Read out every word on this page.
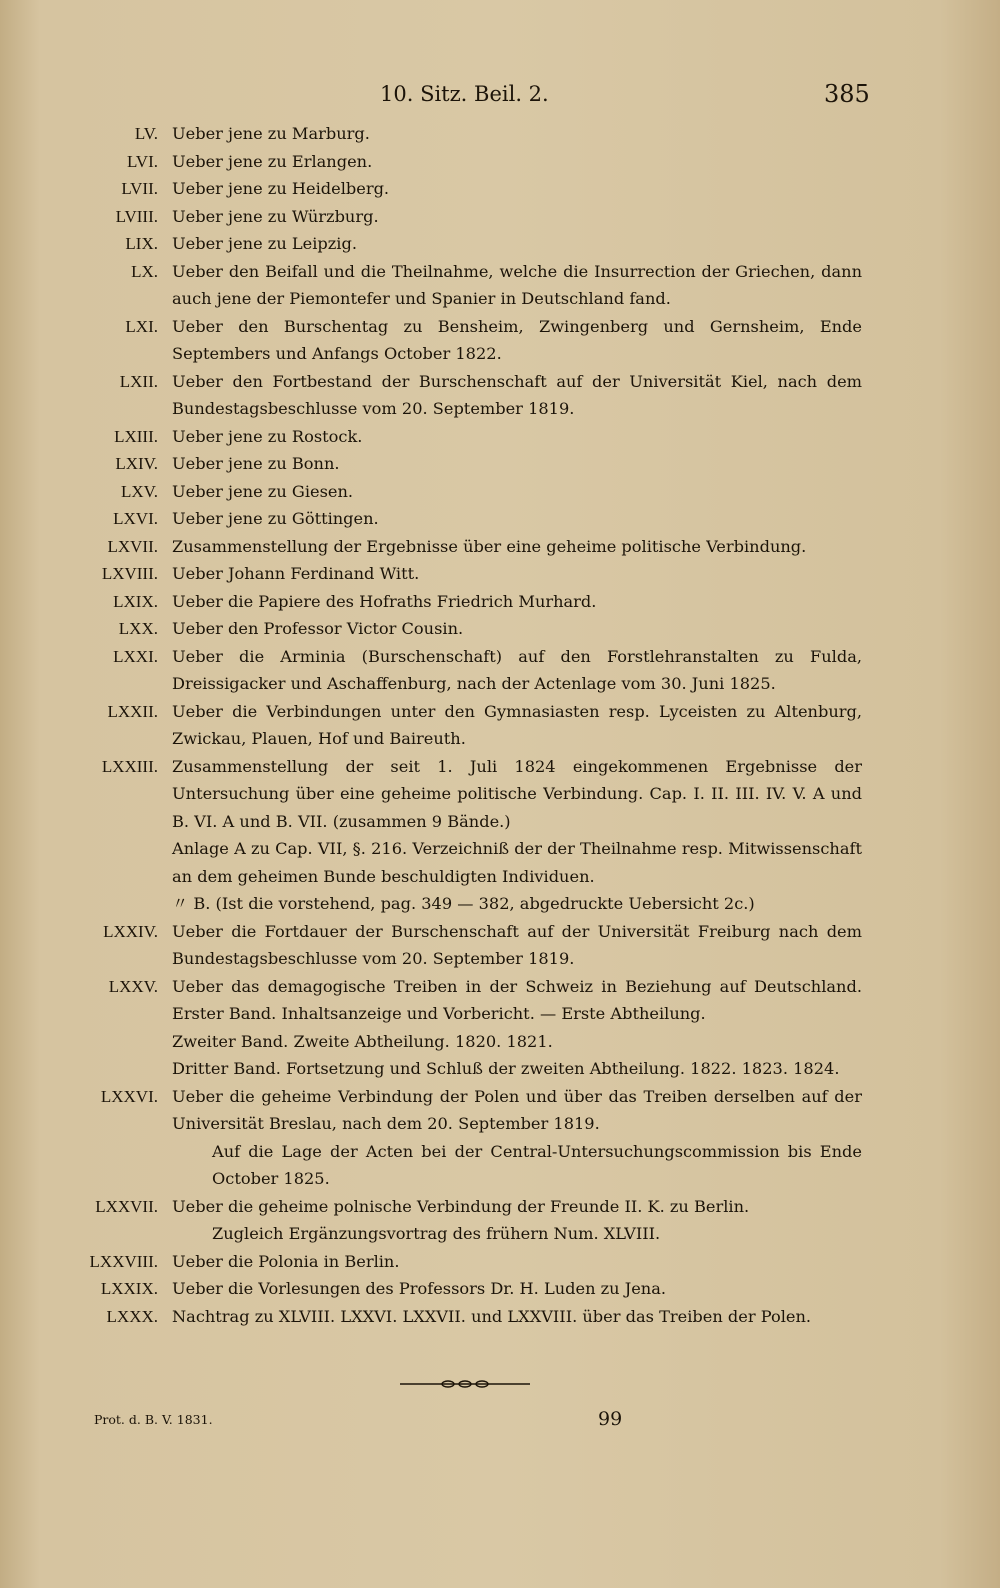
10. Sitz. Beil. 2.	385
LV. Ueber jene zu Marburg.
LVI. Ueber jene zu Erlangen.
LVII. Ueber jene zu Heidelberg.
LVIII. Ueber jene zu Würzburg.
LIX. Ueber jene zu Leipzig.
LX. Ueber den Beifall und die Theilnahme, welche die Insurrection der Griechen, dann auch jene der Piemontefer und Spanier in Deutschland fand.
LXI. Ueber den Burschentag zu Bensheim, Zwingenberg und Gernsheim, Ende Septembers und Anfangs October 1822.
LXII. Ueber den Fortbestand der Burschenschaft auf der Universität Kiel, nach dem Bundestagsbeschlusse vom 20. September 1819.
LXIII. Ueber jene zu Rostock.
LXIV. Ueber jene zu Bonn.
LXV. Ueber jene zu Giesen.
LXVI. Ueber jene zu Göttingen.
LXVII. Zusammenstellung der Ergebnisse über eine geheime politische Verbindung.
LXVIII. Ueber Johann Ferdinand Witt.
LXIX. Ueber die Papiere des Hofraths Friedrich Murhard.
LXX. Ueber den Professor Victor Cousin.
LXXI. Ueber die Arminia (Burschenschaft) auf den Forstlehranstalten zu Fulda, Dreissigacker und Aschaffenburg, nach der Actenlage vom 30. Juni 1825.
LXXII. Ueber die Verbindungen unter den Gymnasiasten resp. Lyceisten zu Altenburg, Zwickau, Plauen, Hof und Baireuth.
LXXIII. Zusammenstellung der seit 1. Juli 1824 eingekommenen Ergebnisse der Untersuchung über eine geheime politische Verbindung. Cap. I. II. III. IV. V. A und B. VI. A und B. VII. (zusammen 9 Bände.)
Anlage A zu Cap. VII, §. 216. Verzeichniß der der Theilnahme resp. Mitwissenschaft an dem geheimen Bunde beschuldigten Individuen.
〃 B. (Ist die vorstehend, pag. 349 — 382, abgedruckte Uebersicht 2c.)
LXXIV. Ueber die Fortdauer der Burschenschaft auf der Universität Freiburg nach dem Bundestagsbeschlusse vom 20. September 1819.
LXXV. Ueber das demagogische Treiben in der Schweiz in Beziehung auf Deutschland. Erster Band. Inhaltsanzeige und Vorbericht. — Erste Abtheilung.
Zweiter Band. Zweite Abtheilung. 1820. 1821.
Dritter Band. Fortsetzung und Schluß der zweiten Abtheilung. 1822. 1823. 1824.
LXXVI. Ueber die geheime Verbindung der Polen und über das Treiben derselben auf der Universität Breslau, nach dem 20. September 1819.
Auf die Lage der Acten bei der Central-Untersuchungscommission bis Ende October 1825.
LXXVII. Ueber die geheime polnische Verbindung der Freunde II. K. zu Berlin.
Zugleich Ergänzungsvortrag des frühern Num. XLVIII.
LXXVIII. Ueber die Polonia in Berlin.
LXXIX. Ueber die Vorlesungen des Professors Dr. H. Luden zu Jena.
LXXX. Nachtrag zu XLVIII. LXXVI. LXXVII. und LXXVIII. über das Treiben der Polen.
Prot. d. B. V. 1831.	99
